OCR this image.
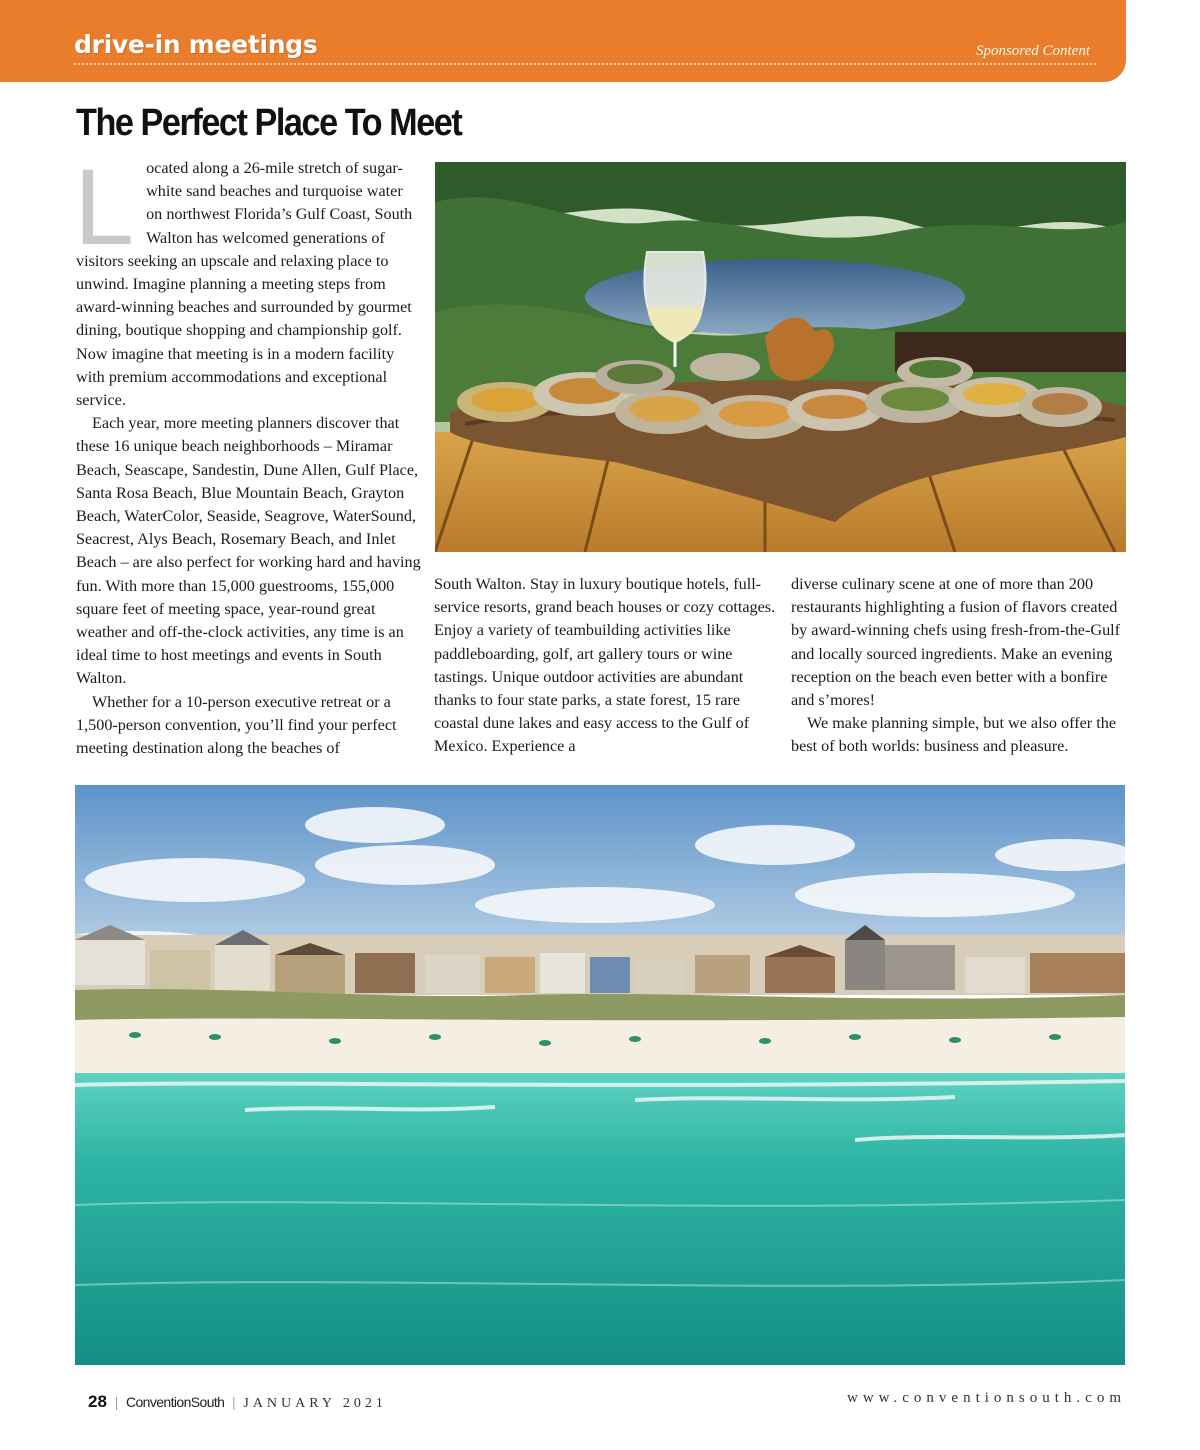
drive-in meetings	Sponsored Content
The Perfect Place To Meet

Located along a 26-mile stretch of sugar-white sand beaches and turquoise water on northwest Florida’s Gulf Coast, South Walton has welcomed generations of visitors seeking an upscale and relaxing place to unwind. Imagine planning a meeting steps from award-winning beaches and surrounded by gourmet dining, boutique shopping and championship golf. Now imagine that meeting is in a modern facility with premium accommodations and exceptional service.

Each year, more meeting planners discover that these 16 unique beach neighborhoods – Miramar Beach, Seascape, Sandestin, Dune Allen, Gulf Place, Santa Rosa Beach, Blue Mountain Beach, Grayton Beach, WaterColor, Seaside, Seagrove, WaterSound, Seacrest, Alys Beach, Rosemary Beach, and Inlet Beach – are also perfect for working hard and having fun. With more than 15,000 guestrooms, 155,000 square feet of meeting space, year-round great weather and off-the-clock activities, any time is an ideal time to host meetings and events in South Walton.

Whether for a 10-person executive retreat or a 1,500-person convention, you’ll find your perfect meeting destination along the beaches of

South Walton. Stay in luxury boutique hotels, full-service resorts, grand beach houses or cozy cottages. Enjoy a variety of teambuilding activities like paddleboarding, golf, art gallery tours or wine tastings. Unique outdoor activities are abundant thanks to four state parks, a state forest, 15 rare coastal dune lakes and easy access to the Gulf of Mexico. Experience a

diverse culinary scene at one of more than 200 restaurants highlighting a fusion of flavors created by award-winning chefs using fresh-from-the-Gulf and locally sourced ingredients. Make an evening reception on the beach even better with a bonfire and s’mores!

We make planning simple, but we also offer the best of both worlds: business and pleasure.

28 | ConventionSouth | JANUARY 2021	www.conventionsouth.com
